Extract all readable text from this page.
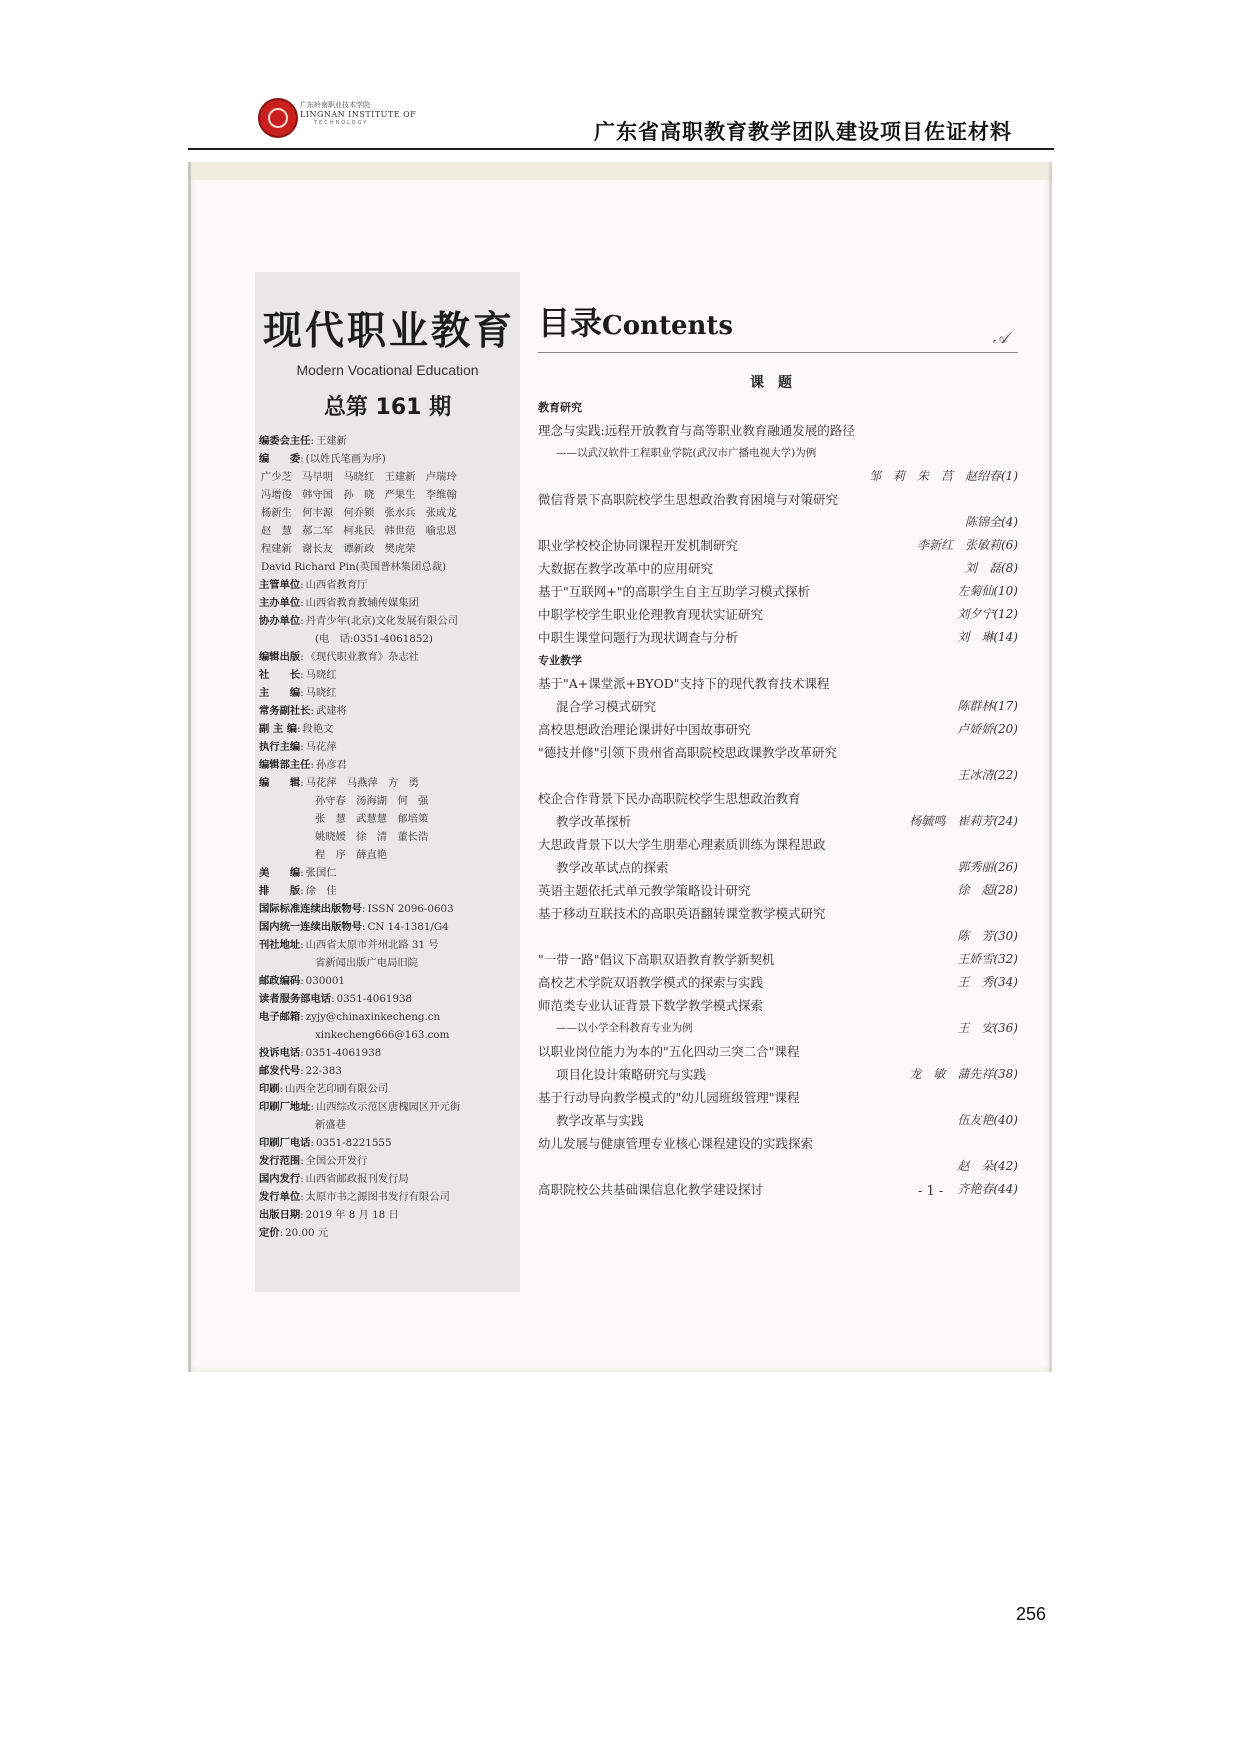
广东岭南职业技术学院
LINGNAN INSTITUTE OF
TECHNOLOGY	广东省高职教育教学团队建设项目佐证材料
现代职业教育
Modern Vocational Education
总第 161 期
编委会主任: 王建新
编　　委: (以姓氏笔画为序)
广少芝　马早明　马晓红　王建新　卢瑞玲
冯增俊　韩守国　孙　晓　严果生　李维翰
杨新生　何丰源　何乔锁　张水兵　张成龙
赵　慧　郝二军　柯兆民　韩世范　喻忠恩
程建新　谢长友　谭新政　樊虎荣
David Richard Pin(英国普林集团总裁)
主管单位: 山西省教育厅
主办单位: 山西省教育教辅传媒集团
协办单位: 丹青少年(北京)文化发展有限公司
(电　话:0351-4061852)
编辑出版: 《现代职业教育》杂志社
社　　长: 马晓红
主　　编: 马晓红
常务副社长: 武建将
副 主 编: 段艳文
执行主编: 马花萍
编辑部主任: 孙彦君
编　　辑: 马花萍　马燕萍　方　勇
孙守春　汤海湖　何　强
张　慧　武慧慧　郁培策
姚晓媛　徐　清　董长浩
程　序　薛直艳
美　　编: 张国仁
排　　版: 徐　佳
国际标准连续出版物号: ISSN 2096-0603
国内统一连续出版物号: CN 14-1381/G4
刊社地址: 山西省太原市并州北路 31 号
省新闻出版广电局旧院
邮政编码: 030001
读者服务部电话: 0351-4061938
电子邮箱: zyjy@chinaxinkecheng.cn
xinkecheng666@163.com
投诉电话: 0351-4061938
邮发代号: 22-383
印刷: 山西全艺印刷有限公司
印刷厂地址: 山西综改示范区唐槐园区开元街
新盛巷
印刷厂电话: 0351-8221555
发行范围: 全国公开发行
国内发行: 山西省邮政报刊发行局
发行单位: 太原市书之源图书发行有限公司
出版日期: 2019 年 8 月 18 日
定价: 20.00 元
目录Contents	𝒜
课题
教育研究
理念与实践:远程开放教育与高等职业教育融通发展的路径
——以武汉软件工程职业学院(武汉市广播电视大学)为例
邹　莉　朱　莒　赵绍春(1)
微信背景下高职院校学生思想政治教育困境与对策研究
陈锦全(4)
职业学校校企协同课程开发机制研究	李新红　张敏莉(6)
大数据在教学改革中的应用研究	刘　磊(8)
基于"互联网+"的高职学生自主互助学习模式探析	左菊仙(10)
中职学校学生职业伦理教育现状实证研究	刘夕宁(12)
中职生课堂问题行为现状调查与分析	刘　琳(14)
专业教学
基于"A+课堂派+BYOD"支持下的现代教育技术课程
混合学习模式研究	陈群林(17)
高校思想政治理论课讲好中国故事研究	卢娇娇(20)
"德技并修"引领下贵州省高职院校思政课教学改革研究
王冰清(22)
校企合作背景下民办高职院校学生思想政治教育
教学改革探析	杨毓鸣　崔莉芳(24)
大思政背景下以大学生朋辈心理素质训练为课程思政
教学改革试点的探索	郭秀丽(26)
英语主题依托式单元教学策略设计研究	徐　超(28)
基于移动互联技术的高职英语翻转课堂教学模式研究
陈　芳(30)
"一带一路"倡议下高职双语教育教学新契机	王娇雪(32)
高校艺术学院双语教学模式的探索与实践	王　秀(34)
师范类专业认证背景下数学教学模式探索
——以小学全科教育专业为例	王　安(36)
以职业岗位能力为本的"五化四动三突二合"课程
项目化设计策略研究与实践	龙　敏　蒲先祥(38)
基于行动导向教学模式的"幼儿园班级管理"课程
教学改革与实践	伍友艳(40)
幼儿发展与健康管理专业核心课程建设的实践探索
赵　朵(42)
高职院校公共基础课信息化教学建设探讨	齐艳春(44)
- 1 -
256
